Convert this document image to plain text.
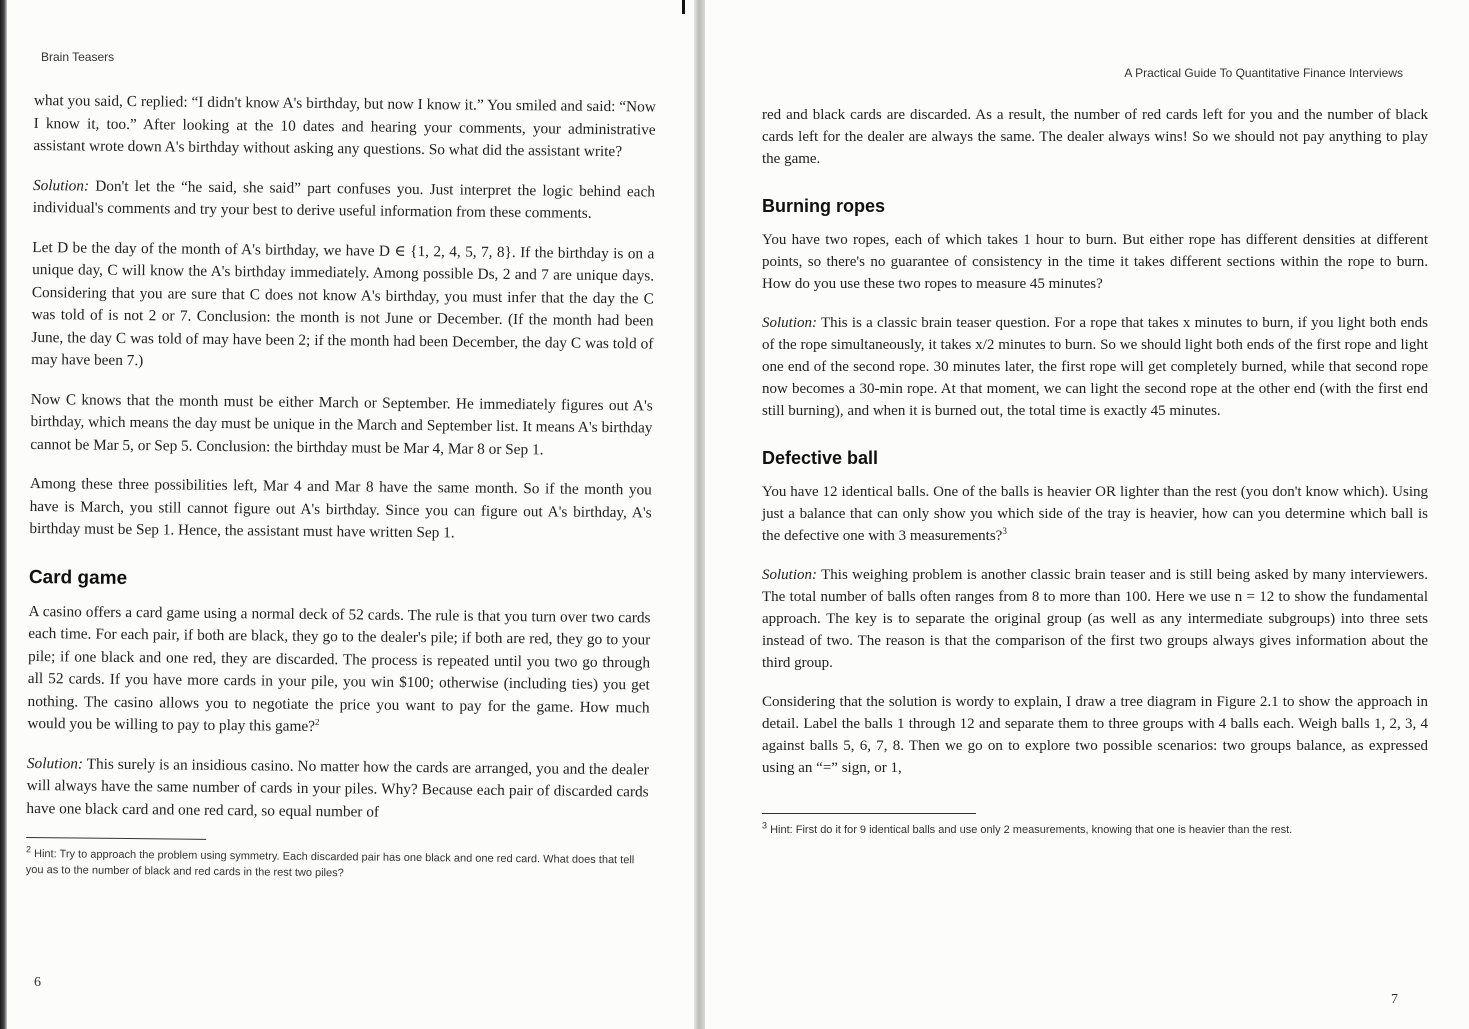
Brain Teasers

what you said, C replied: “I didn't know A's birthday, but now I know it.” You smiled and said: “Now I know it, too.” After looking at the 10 dates and hearing your comments, your administrative assistant wrote down A's birthday without asking any questions. So what did the assistant write?

Solution: Don't let the “he said, she said” part confuses you. Just interpret the logic behind each individual's comments and try your best to derive useful information from these comments.

Let D be the day of the month of A's birthday, we have D ∈ {1, 2, 4, 5, 7, 8}. If the birthday is on a unique day, C will know the A's birthday immediately. Among possible Ds, 2 and 7 are unique days. Considering that you are sure that C does not know A's birthday, you must infer that the day the C was told of is not 2 or 7. Conclusion: the month is not June or December. (If the month had been June, the day C was told of may have been 2; if the month had been December, the day C was told of may have been 7.)

Now C knows that the month must be either March or September. He immediately figures out A's birthday, which means the day must be unique in the March and September list. It means A's birthday cannot be Mar 5, or Sep 5. Conclusion: the birthday must be Mar 4, Mar 8 or Sep 1.

Among these three possibilities left, Mar 4 and Mar 8 have the same month. So if the month you have is March, you still cannot figure out A's birthday. Since you can figure out A's birthday, A's birthday must be Sep 1. Hence, the assistant must have written Sep 1.

Card game

A casino offers a card game using a normal deck of 52 cards. The rule is that you turn over two cards each time. For each pair, if both are black, they go to the dealer's pile; if both are red, they go to your pile; if one black and one red, they are discarded. The process is repeated until you two go through all 52 cards. If you have more cards in your pile, you win $100; otherwise (including ties) you get nothing. The casino allows you to negotiate the price you want to pay for the game. How much would you be willing to pay to play this game?$^2$

Solution: This surely is an insidious casino. No matter how the cards are arranged, you and the dealer will always have the same number of cards in your piles. Why? Because each pair of discarded cards have one black card and one red card, so equal number of

$^2$ Hint: Try to approach the problem using symmetry. Each discarded pair has one black and one red card. What does that tell you as to the number of black and red cards in the rest two piles?
6
A Practical Guide To Quantitative Finance Interviews

red and black cards are discarded. As a result, the number of red cards left for you and the number of black cards left for the dealer are always the same. The dealer always wins! So we should not pay anything to play the game.

Burning ropes

You have two ropes, each of which takes 1 hour to burn. But either rope has different densities at different points, so there's no guarantee of consistency in the time it takes different sections within the rope to burn. How do you use these two ropes to measure 45 minutes?

Solution: This is a classic brain teaser question. For a rope that takes x minutes to burn, if you light both ends of the rope simultaneously, it takes x/2 minutes to burn. So we should light both ends of the first rope and light one end of the second rope. 30 minutes later, the first rope will get completely burned, while that second rope now becomes a 30-min rope. At that moment, we can light the second rope at the other end (with the first end still burning), and when it is burned out, the total time is exactly 45 minutes.

Defective ball

You have 12 identical balls. One of the balls is heavier OR lighter than the rest (you don't know which). Using just a balance that can only show you which side of the tray is heavier, how can you determine which ball is the defective one with 3 measurements?$^3$

Solution: This weighing problem is another classic brain teaser and is still being asked by many interviewers. The total number of balls often ranges from 8 to more than 100. Here we use n = 12 to show the fundamental approach. The key is to separate the original group (as well as any intermediate subgroups) into three sets instead of two. The reason is that the comparison of the first two groups always gives information about the third group.

Considering that the solution is wordy to explain, I draw a tree diagram in Figure 2.1 to show the approach in detail. Label the balls 1 through 12 and separate them to three groups with 4 balls each. Weigh balls 1, 2, 3, 4 against balls 5, 6, 7, 8. Then we go on to explore two possible scenarios: two groups balance, as expressed using an “=” sign, or 1,

$^3$ Hint: First do it for 9 identical balls and use only 2 measurements, knowing that one is heavier than the rest.
7
